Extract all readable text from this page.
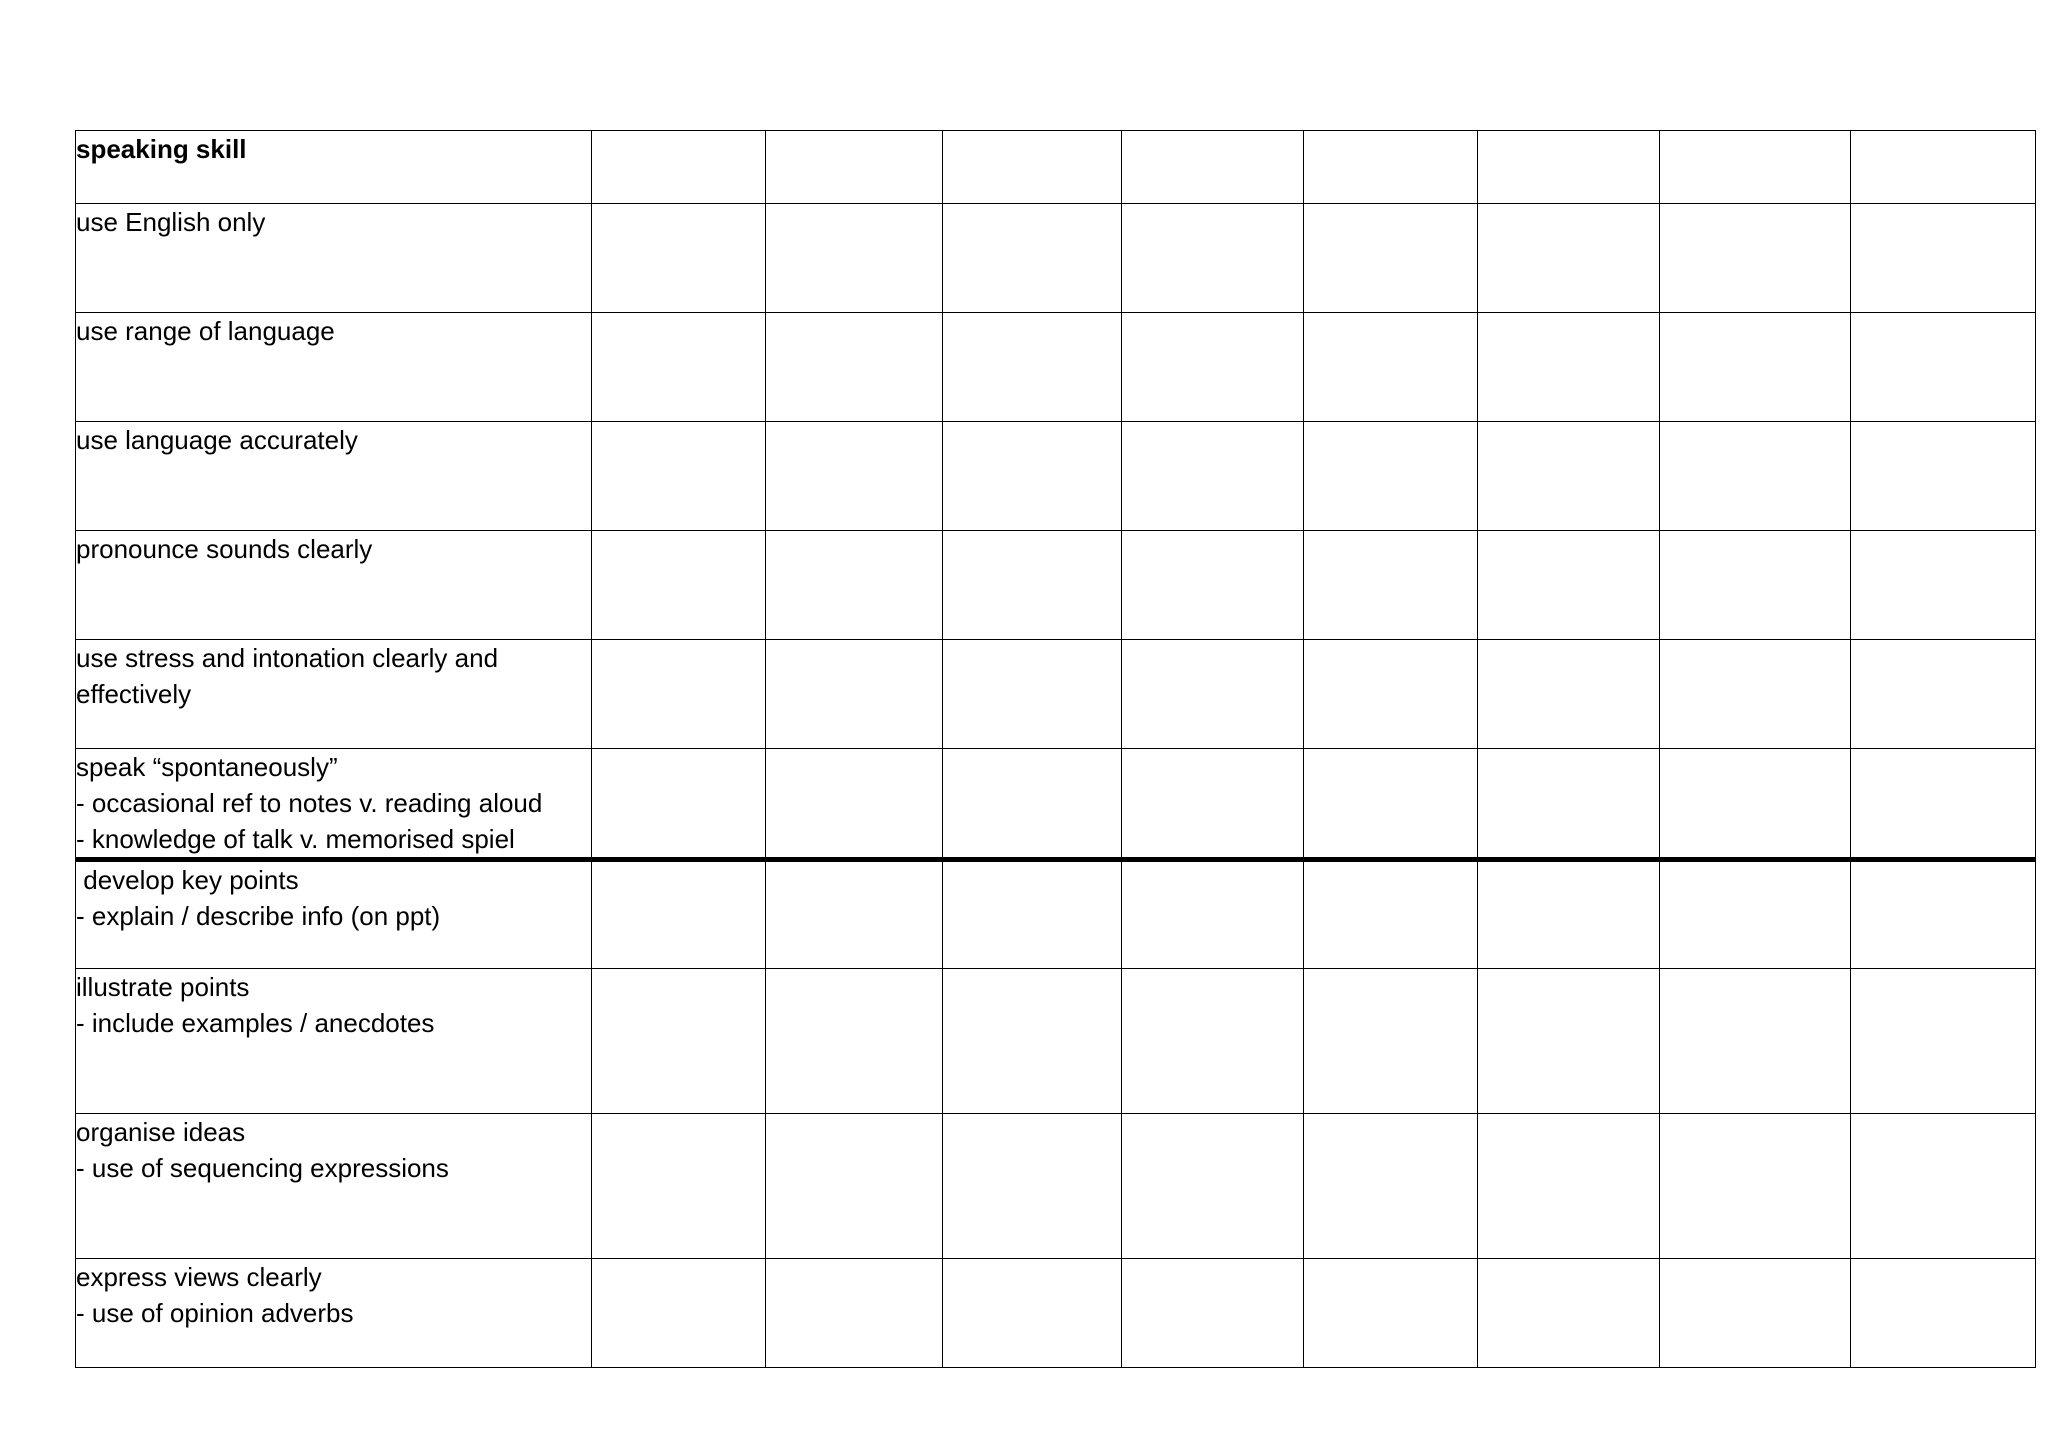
speaking skill								

use English only								

use range of language								

use language accurately								

pronounce sounds clearly								

use stress and intonation clearly and
effectively								

speak “spontaneously”
- occasional ref to notes v. reading aloud
- knowledge of talk v. memorised spiel								

develop key points
- explain / describe info (on ppt)								

illustrate points
- include examples / anecdotes								

organise ideas
- use of sequencing expressions								

express views clearly
- use of opinion adverbs								
